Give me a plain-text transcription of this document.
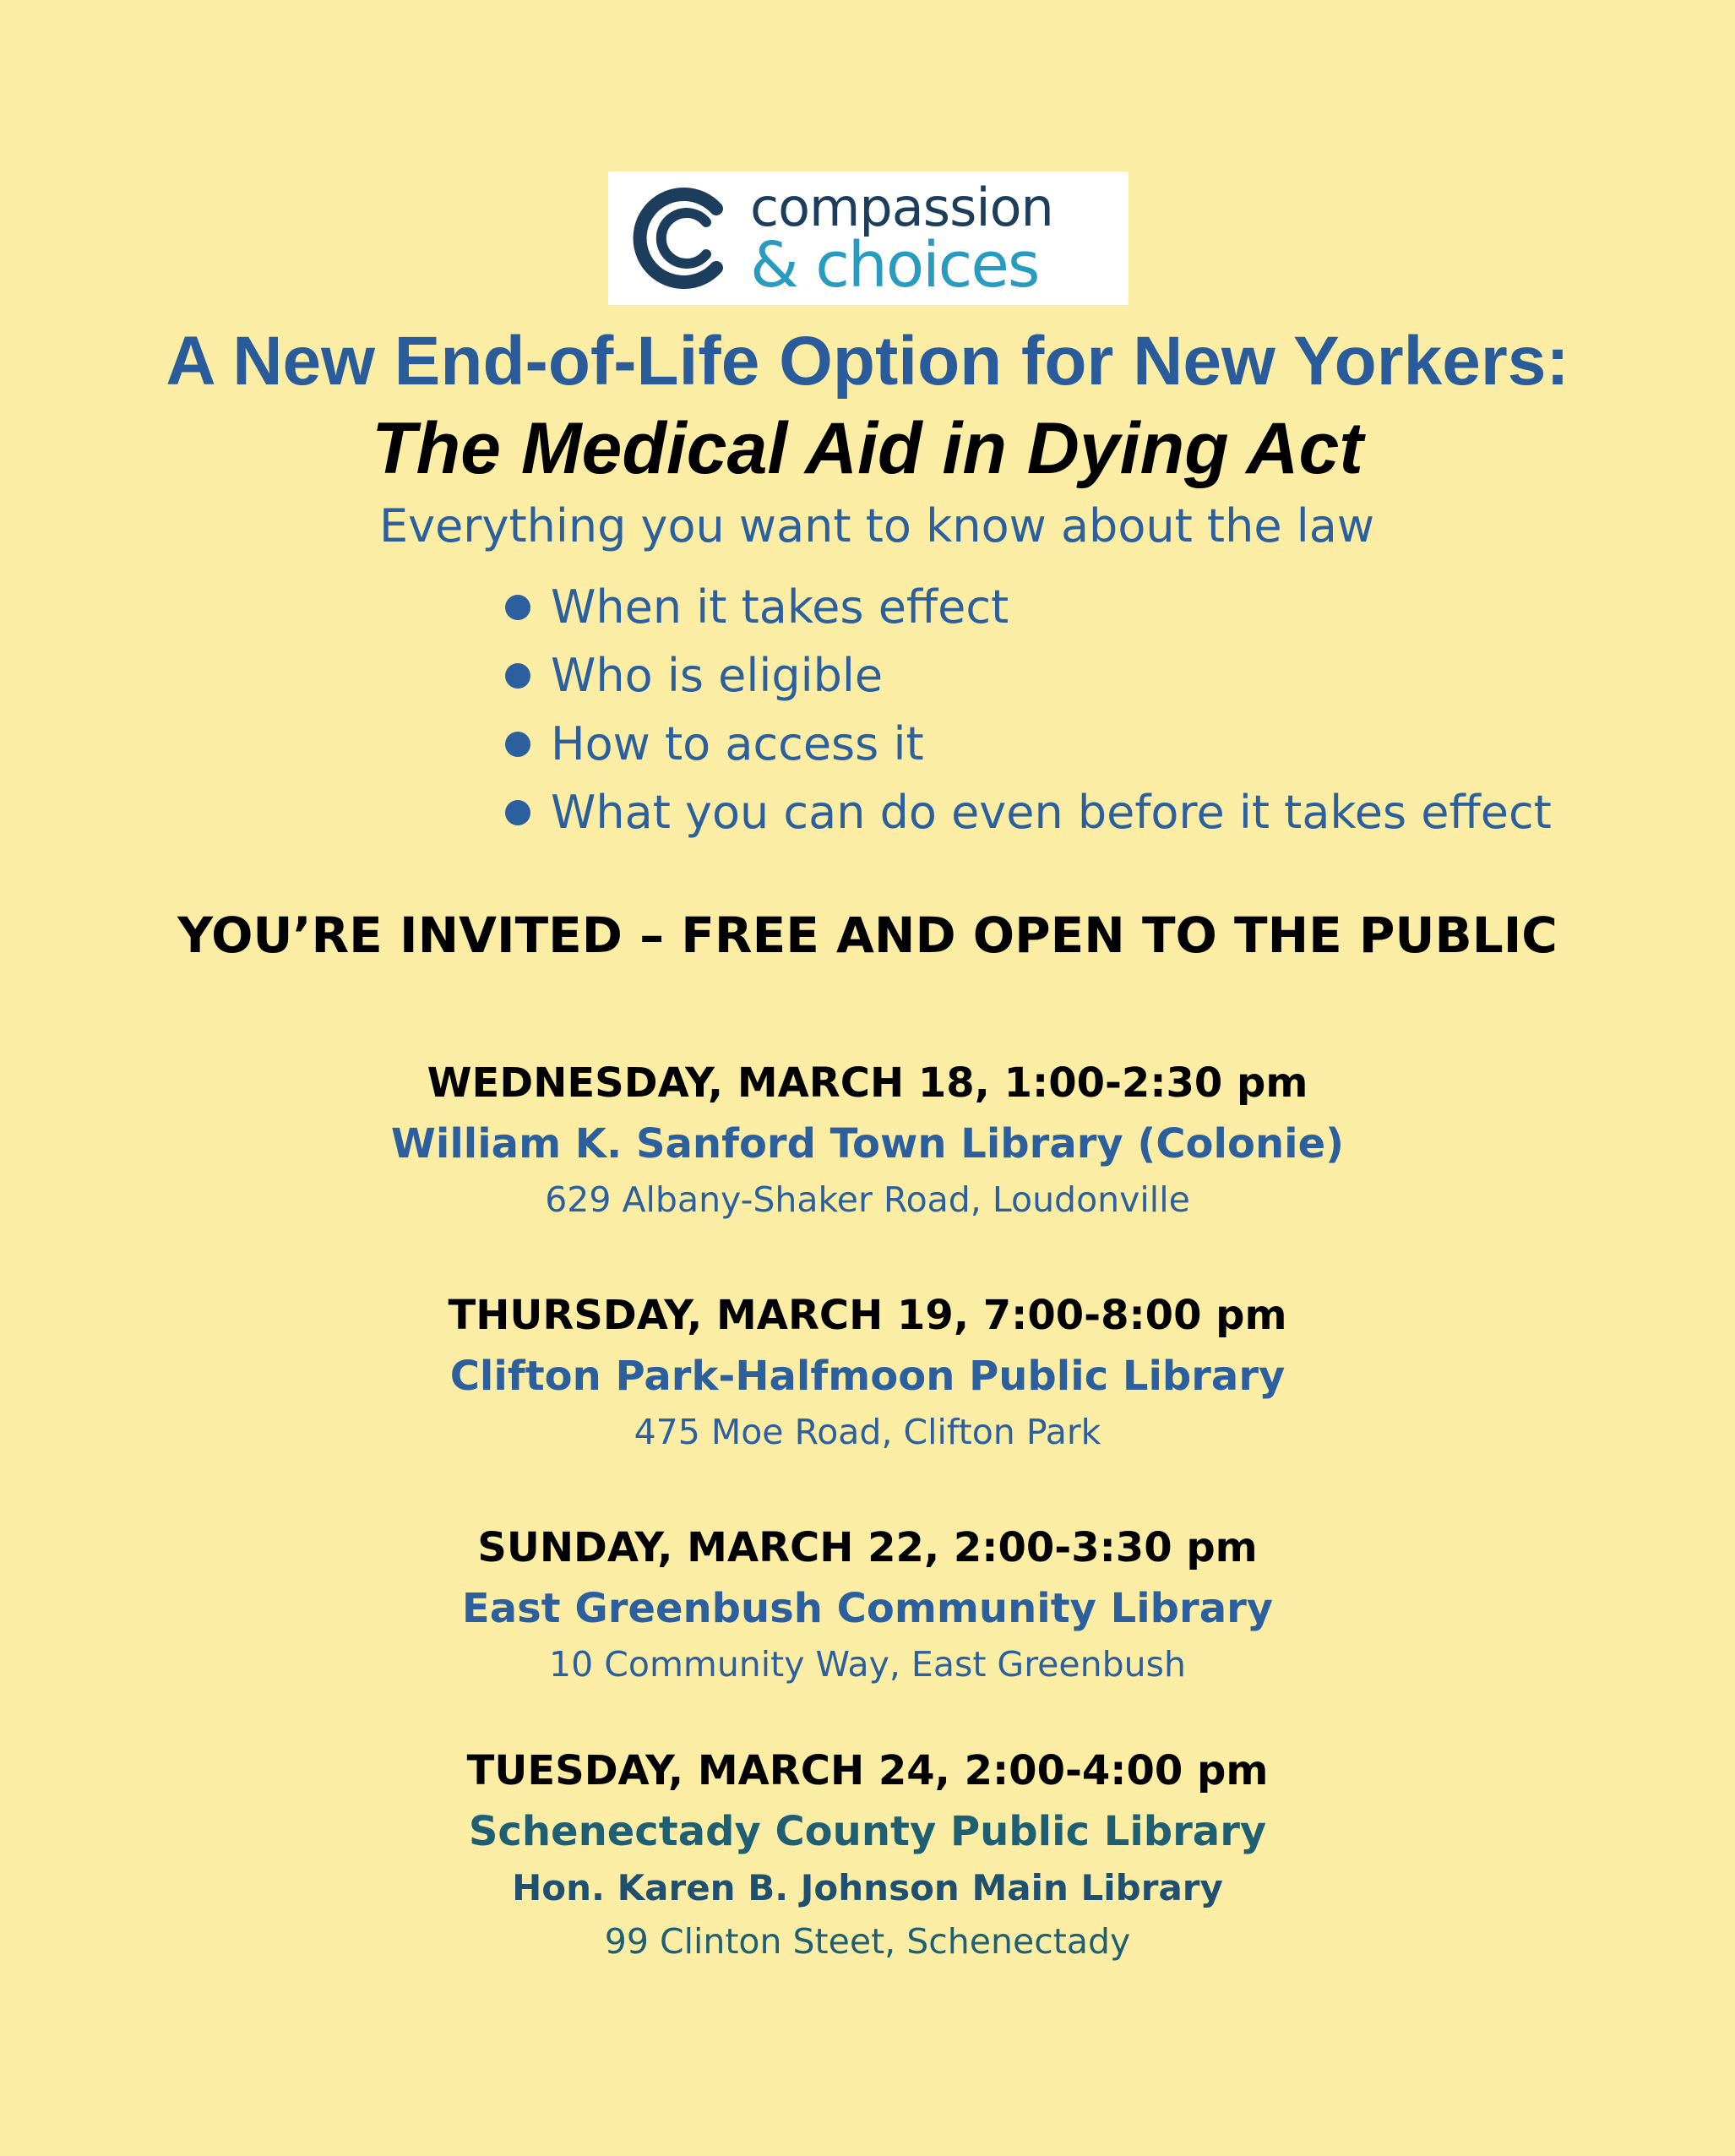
compassion
& choices
A New End-of-Life Option for New Yorkers:
The Medical Aid in Dying Act
Everything you want to know about the law
When it takes effect
Who is eligible
How to access it
What you can do even before it takes effect
YOU’RE INVITED – FREE AND OPEN TO THE PUBLIC
WEDNESDAY, MARCH 18, 1:00-2:30 pm
William K. Sanford Town Library (Colonie)
629 Albany-Shaker Road, Loudonville
THURSDAY, MARCH 19, 7:00-8:00 pm
Clifton Park-Halfmoon Public Library
475 Moe Road, Clifton Park
SUNDAY, MARCH 22, 2:00-3:30 pm
East Greenbush Community Library
10 Community Way, East Greenbush
TUESDAY, MARCH 24, 2:00-4:00 pm
Schenectady County Public Library
Hon. Karen B. Johnson Main Library
99 Clinton Steet, Schenectady
